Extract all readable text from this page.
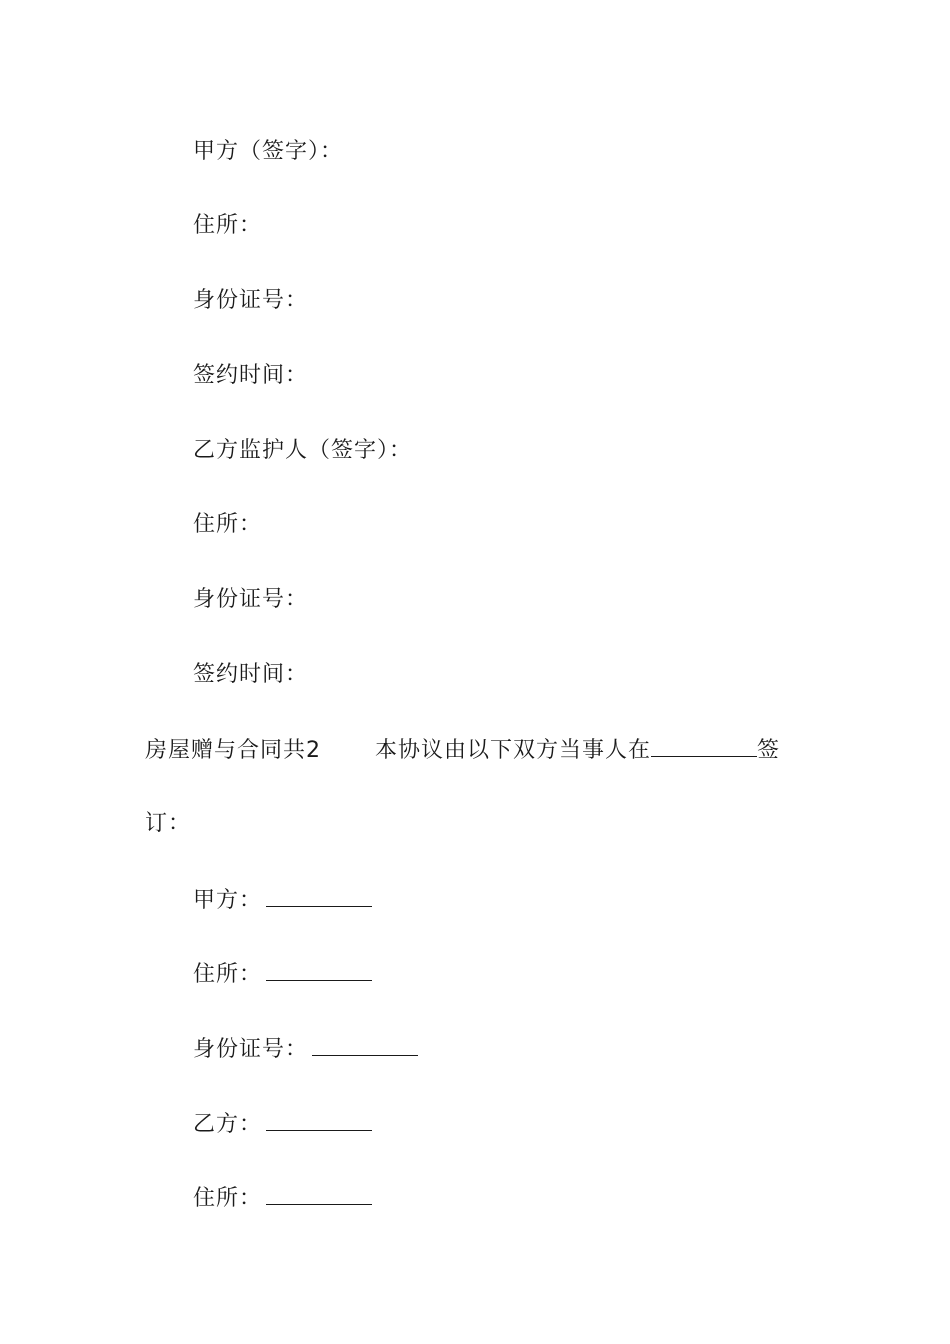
甲方（签字）：
住所：
身份证号：
签约时间：
乙方监护人（签字）：
住所：
身份证号：
签约时间：
房屋赠与合同共2 本协议由以下双方当事人在	签
订：
甲方：
住所：
身份证号：
乙方：
住所：
